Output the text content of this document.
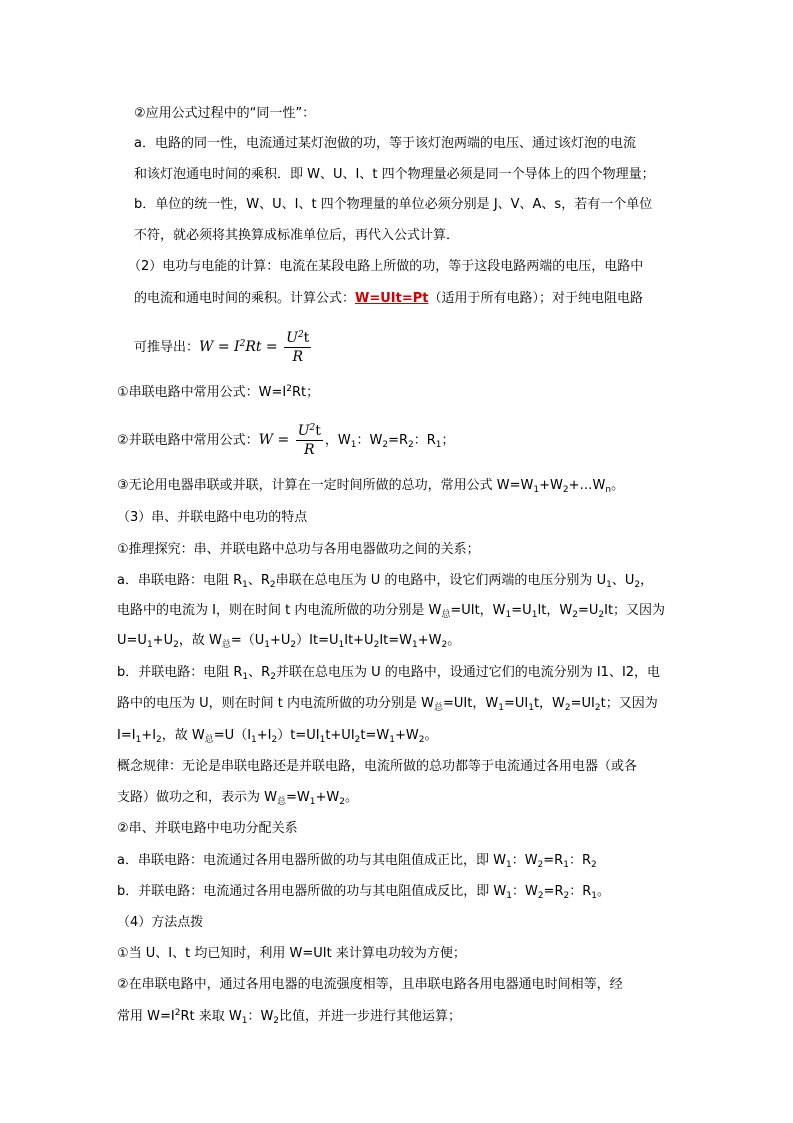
②应用公式过程中的“同一性”：
a．电路的同一性，电流通过某灯泡做的功，等于该灯泡两端的电压、通过该灯泡的电流
和该灯泡通电时间的乘积．即 W、U、I、t 四个物理量必须是同一个导体上的四个物理量；
b．单位的统一性，W、U、I、t 四个物理量的单位必须分别是 J、V、A、s，若有一个单位
不符，就必须将其换算成标准单位后，再代入公式计算．
（2）电功与电能的计算：电流在某段电路上所做的功，等于这段电路两端的电压，电路中
的电流和通电时间的乘积。计算公式：W=UIt=Pt（适用于所有电路）；对于纯电阻电路
可推导出：$W = I^2Rt = \frac{U^2t}{R}$
①串联电路中常用公式：$W=I^2Rt$；
②并联电路中常用公式：$W = \frac{U^2t}{R}$ ，$W_1$：$W_2=R_2$：$R_1$；
③无论用电器串联或并联，计算在一定时间所做的总功，常用公式 $W=W_1+W_2+\dots W_n$。
（3）串、并联电路中电功的特点
①推理探究：串、并联电路中总功与各用电器做功之间的关系；
a．串联电路：电阻 $R_1$、$R_2$串联在总电压为 U 的电路中，设它们两端的电压分别为 $U_1$、$U_2$，
电路中的电流为 I，则在时间 t 内电流所做的功分别是 $W_总=UIt$，$W_1=U_1It$，$W_2=U_2It$；又因为
$U=U_1+U_2$，故 $W_总=(U_1+U_2)It=U_1It+U_2It=W_1+W_2$。
b．并联电路：电阻 $R_1$、$R_2$并联在总电压为 U 的电路中，设通过它们的电流分别为 I1、I2，电
路中的电压为 U，则在时间 t 内电流所做的功分别是 $W_总=UIt$，$W_1=UI_1t$，$W_2=UI_2t$；又因为
$I=I_1+I_2$，故 $W_总=U(I_1+I_2)t=UI_1t+UI_2t=W_1+W_2$。
概念规律：无论是串联电路还是并联电路，电流所做的总功都等于电流通过各用电器（或各
支路）做功之和，表示为 $W_总=W_1+W_2$。
②串、并联电路中电功分配关系
a．串联电路：电流通过各用电器所做的功与其电阻值成正比，即 $W_1$：$W_2=R_1$：$R_2$
b．并联电路：电流通过各用电器所做的功与其电阻值成反比，即 $W_1$：$W_2=R_2$：$R_1$。
（4）方法点拨
①当 U、I、t 均已知时，利用 W=UIt 来计算电功较为方便；
②在串联电路中，通过各用电器的电流强度相等，且串联电路各用电器通电时间相等，经
常用 $W=I^2Rt$ 来取 $W_1$：$W_2$比值，并进一步进行其他运算；
